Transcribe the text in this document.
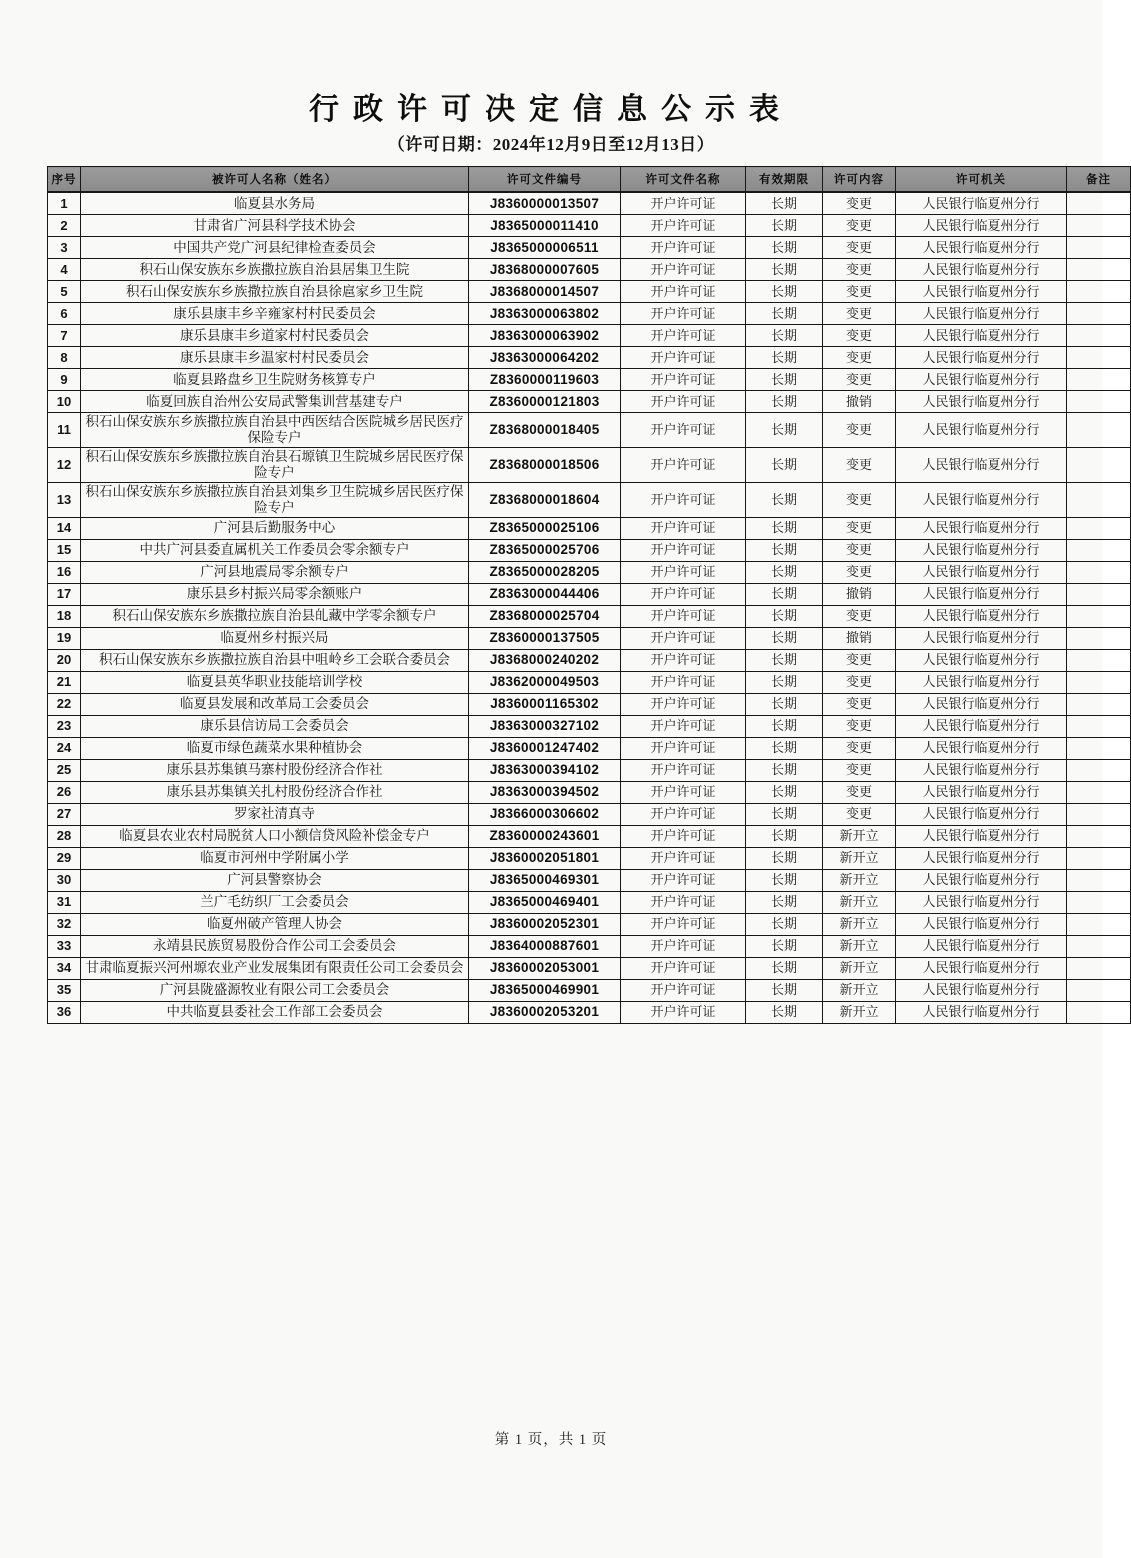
行政许可决定信息公示表
（许可日期：2024年12月9日至12月13日）
序号	被许可人名称（姓名）	许可文件编号	许可文件名称	有效期限	许可内容	许可机关	备注
1	临夏县水务局	J8360000013507	开户许可证	长期	变更	人民银行临夏州分行	
2	甘肃省广河县科学技术协会	J8365000011410	开户许可证	长期	变更	人民银行临夏州分行	
3	中国共产党广河县纪律检查委员会	J8365000006511	开户许可证	长期	变更	人民银行临夏州分行	
4	积石山保安族东乡族撒拉族自治县居集卫生院	J8368000007605	开户许可证	长期	变更	人民银行临夏州分行	
5	积石山保安族东乡族撒拉族自治县徐扈家乡卫生院	J8368000014507	开户许可证	长期	变更	人民银行临夏州分行	
6	康乐县康丰乡辛雍家村村民委员会	J8363000063802	开户许可证	长期	变更	人民银行临夏州分行	
7	康乐县康丰乡道家村村民委员会	J8363000063902	开户许可证	长期	变更	人民银行临夏州分行	
8	康乐县康丰乡温家村村民委员会	J8363000064202	开户许可证	长期	变更	人民银行临夏州分行	
9	临夏县路盘乡卫生院财务核算专户	Z8360000119603	开户许可证	长期	变更	人民银行临夏州分行	
10	临夏回族自治州公安局武警集训营基建专户	Z8360000121803	开户许可证	长期	撤销	人民银行临夏州分行	
11	积石山保安族东乡族撒拉族自治县中西医结合医院城乡居民医疗保险专户	Z8368000018405	开户许可证	长期	变更	人民银行临夏州分行	
12	积石山保安族东乡族撒拉族自治县石塬镇卫生院城乡居民医疗保险专户	Z8368000018506	开户许可证	长期	变更	人民银行临夏州分行	
13	积石山保安族东乡族撒拉族自治县刘集乡卫生院城乡居民医疗保险专户	Z8368000018604	开户许可证	长期	变更	人民银行临夏州分行	
14	广河县后勤服务中心	Z8365000025106	开户许可证	长期	变更	人民银行临夏州分行	
15	中共广河县委直属机关工作委员会零余额专户	Z8365000025706	开户许可证	长期	变更	人民银行临夏州分行	
16	广河县地震局零余额专户	Z8365000028205	开户许可证	长期	变更	人民银行临夏州分行	
17	康乐县乡村振兴局零余额账户	Z8363000044406	开户许可证	长期	撤销	人民银行临夏州分行	
18	积石山保安族东乡族撒拉族自治县癿藏中学零余额专户	Z8368000025704	开户许可证	长期	变更	人民银行临夏州分行	
19	临夏州乡村振兴局	Z8360000137505	开户许可证	长期	撤销	人民银行临夏州分行	
20	积石山保安族东乡族撒拉族自治县中咀岭乡工会联合委员会	J8368000240202	开户许可证	长期	变更	人民银行临夏州分行	
21	临夏县英华职业技能培训学校	J8362000049503	开户许可证	长期	变更	人民银行临夏州分行	
22	临夏县发展和改革局工会委员会	J8360001165302	开户许可证	长期	变更	人民银行临夏州分行	
23	康乐县信访局工会委员会	J8363000327102	开户许可证	长期	变更	人民银行临夏州分行	
24	临夏市绿色蔬菜水果种植协会	J8360001247402	开户许可证	长期	变更	人民银行临夏州分行	
25	康乐县苏集镇马寨村股份经济合作社	J8363000394102	开户许可证	长期	变更	人民银行临夏州分行	
26	康乐县苏集镇关扎村股份经济合作社	J8363000394502	开户许可证	长期	变更	人民银行临夏州分行	
27	罗家社清真寺	J8366000306602	开户许可证	长期	变更	人民银行临夏州分行	
28	临夏县农业农村局脱贫人口小额信贷风险补偿金专户	Z8360000243601	开户许可证	长期	新开立	人民银行临夏州分行	
29	临夏市河州中学附属小学	J8360002051801	开户许可证	长期	新开立	人民银行临夏州分行	
30	广河县警察协会	J8365000469301	开户许可证	长期	新开立	人民银行临夏州分行	
31	兰广毛纺织厂工会委员会	J8365000469401	开户许可证	长期	新开立	人民银行临夏州分行	
32	临夏州破产管理人协会	J8360002052301	开户许可证	长期	新开立	人民银行临夏州分行	
33	永靖县民族贸易股份合作公司工会委员会	J8364000887601	开户许可证	长期	新开立	人民银行临夏州分行	
34	甘肃临夏振兴河州塬农业产业发展集团有限责任公司工会委员会	J8360002053001	开户许可证	长期	新开立	人民银行临夏州分行	
35	广河县陇盛源牧业有限公司工会委员会	J8365000469901	开户许可证	长期	新开立	人民银行临夏州分行	
36	中共临夏县委社会工作部工会委员会	J8360002053201	开户许可证	长期	新开立	人民银行临夏州分行	
第 1 页，共 1 页
